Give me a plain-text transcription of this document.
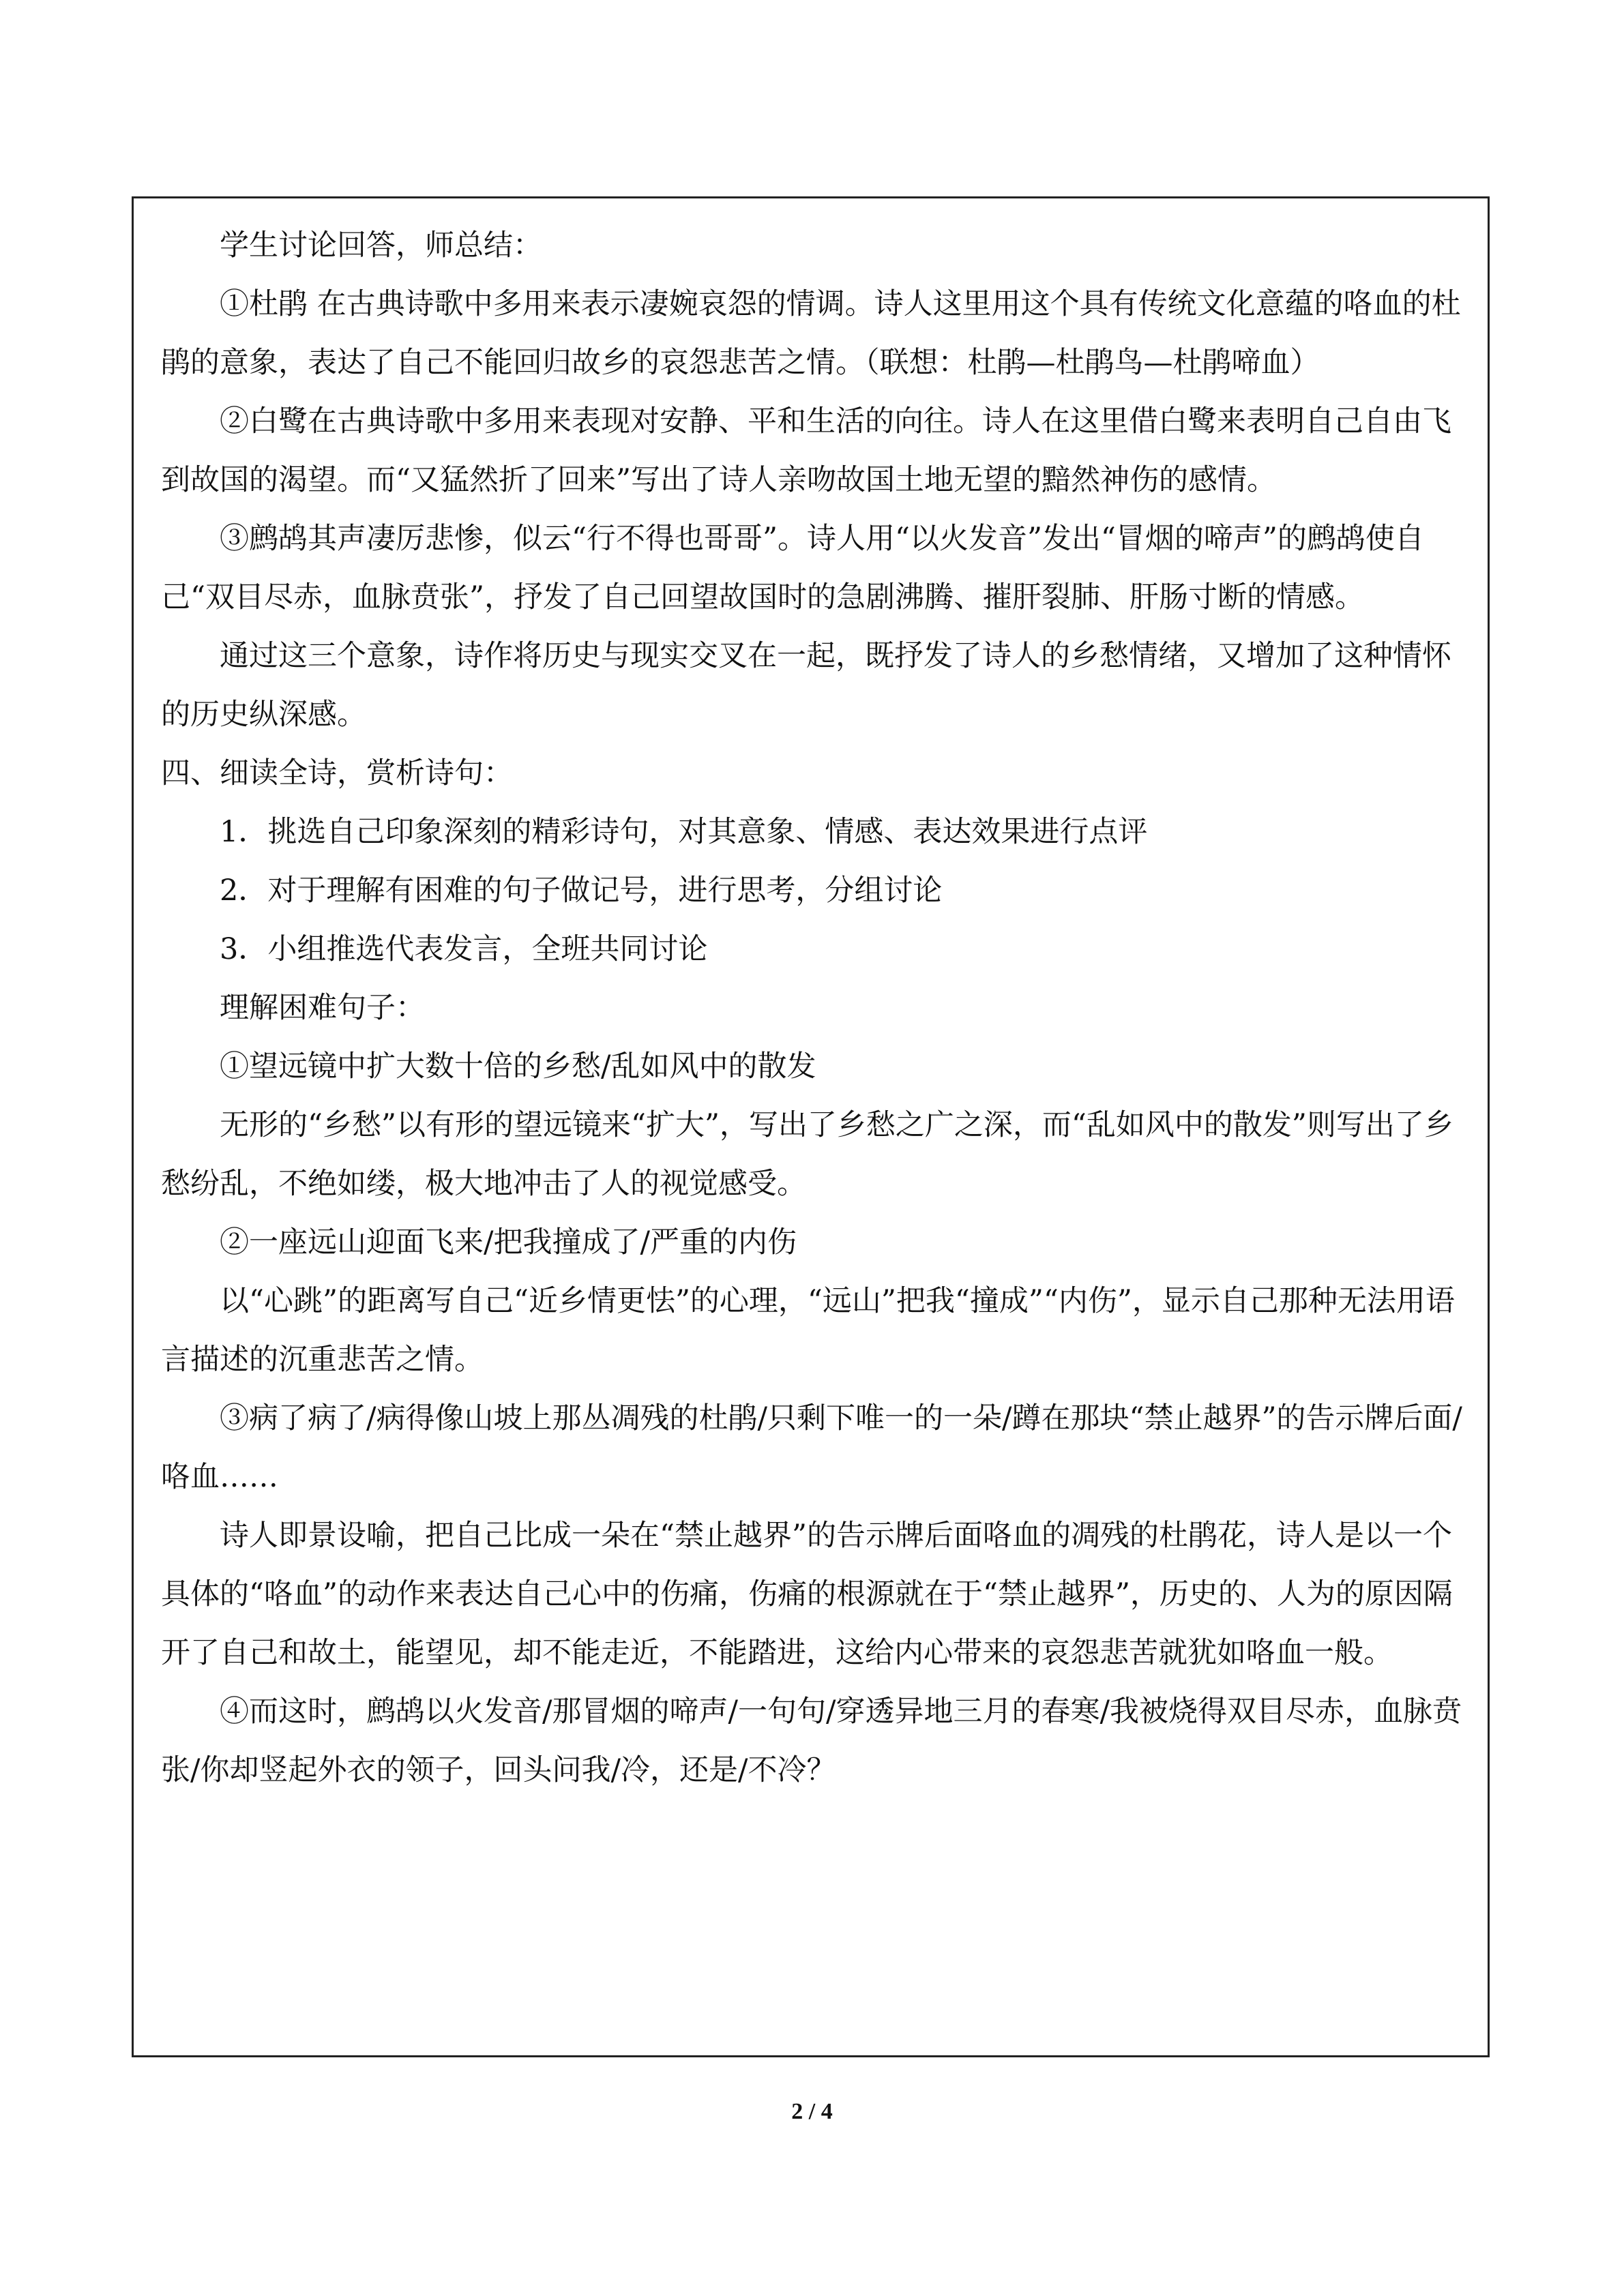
学生讨论回答，师总结：

①杜鹃 在古典诗歌中多用来表示凄婉哀怨的情调。诗人这里用这个具有传统文化意蕴的咯血的杜鹃的意象，表达了自己不能回归故乡的哀怨悲苦之情。（联想：杜鹃—杜鹃鸟—杜鹃啼血）

②白鹭在古典诗歌中多用来表现对安静、平和生活的向往。诗人在这里借白鹭来表明自己自由飞到故国的渴望。而“又猛然折了回来”写出了诗人亲吻故国土地无望的黯然神伤的感情。

③鹧鸪其声凄厉悲惨，似云“行不得也哥哥”。诗人用“以火发音”发出“冒烟的啼声”的鹧鸪使自己“双目尽赤，血脉贲张”，抒发了自己回望故国时的急剧沸腾、摧肝裂肺、肝肠寸断的情感。

通过这三个意象，诗作将历史与现实交叉在一起，既抒发了诗人的乡愁情绪，又增加了这种情怀的历史纵深感。

四、细读全诗，赏析诗句：

1．挑选自己印象深刻的精彩诗句，对其意象、情感、表达效果进行点评

2．对于理解有困难的句子做记号，进行思考，分组讨论

3．小组推选代表发言，全班共同讨论

理解困难句子：

①望远镜中扩大数十倍的乡愁/乱如风中的散发

无形的“乡愁”以有形的望远镜来“扩大”，写出了乡愁之广之深，而“乱如风中的散发”则写出了乡愁纷乱，不绝如缕，极大地冲击了人的视觉感受。

②一座远山迎面飞来/把我撞成了/严重的内伤

以“心跳”的距离写自己“近乡情更怯”的心理，“远山”把我“撞成”“内伤”，显示自己那种无法用语言描述的沉重悲苦之情。

③病了病了/病得像山坡上那丛凋残的杜鹃/只剩下唯一的一朵/蹲在那块“禁止越界”的告示牌后面/咯血……

诗人即景设喻，把自己比成一朵在“禁止越界”的告示牌后面咯血的凋残的杜鹃花，诗人是以一个具体的“咯血”的动作来表达自己心中的伤痛，伤痛的根源就在于“禁止越界”，历史的、人为的原因隔开了自己和故土，能望见，却不能走近，不能踏进，这给内心带来的哀怨悲苦就犹如咯血一般。

④而这时，鹧鸪以火发音/那冒烟的啼声/一句句/穿透异地三月的春寒/我被烧得双目尽赤，血脉贲张/你却竖起外衣的领子，回头问我/冷，还是/不冷？

2 / 4
